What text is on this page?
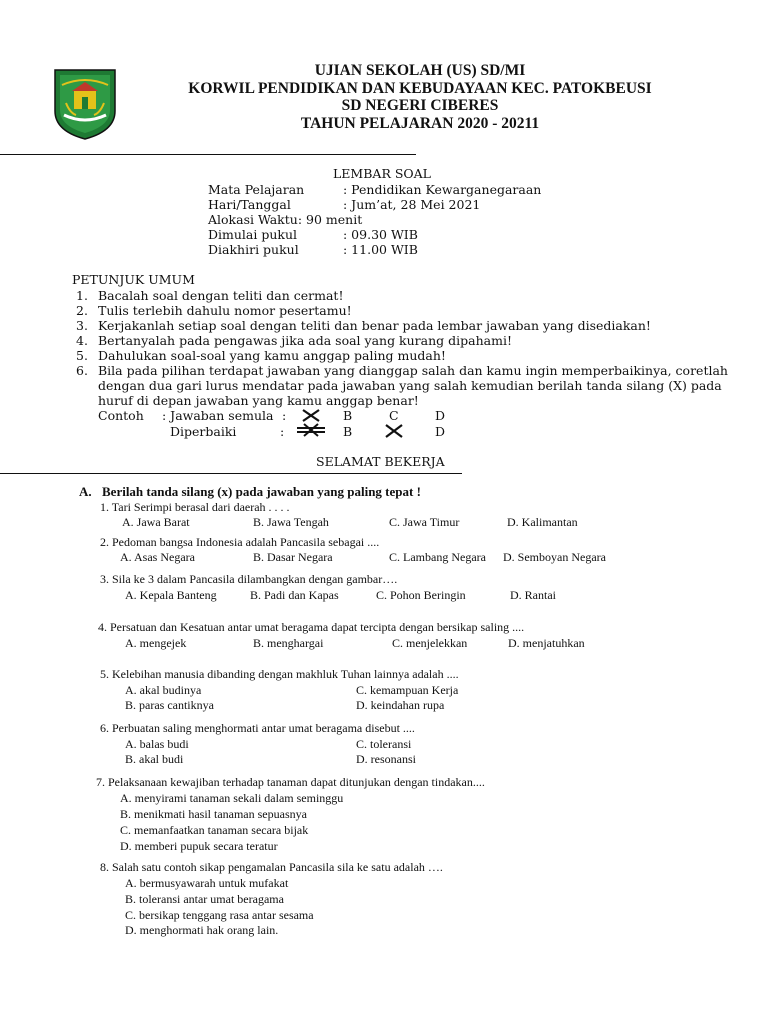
UJIAN SEKOLAH (US) SD/MI
KORWIL PENDIDIKAN DAN KEBUDAYAAN KEC. PATOKBEUSI
SD NEGERI CIBERES
TAHUN PELAJARAN 2020 - 20211
LEMBAR SOAL
Mata Pelajaran	: Pendidikan Kewarganegaraan
Hari/Tanggal	: Jum’at, 28 Mei 2021
Alokasi Waktu: 90 menit
Dimulai pukul	: 09.30 WIB
Diakhiri pukul	: 11.00 WIB
PETUNJUK UMUM
1. Bacalah soal dengan teliti dan cermat!
2. Tulis terlebih dahulu nomor pesertamu!
3. Kerjakanlah setiap soal dengan teliti dan benar pada lembar jawaban yang disediakan!
4. Bertanyalah pada pengawas jika ada soal yang kurang dipahami!
5. Dahulukan soal-soal yang kamu anggap paling mudah!
6. Bila pada pilihan terdapat jawaban yang dianggap salah dan kamu ingin memperbaikinya, coretlah
dengan dua gari lurus mendatar pada jawaban yang salah kemudian berilah tanda silang (X) pada
huruf di depan jawaban yang kamu anggap benar!
Contoh : Jawaban semula :	B	C	D
Diperbaiki	:	B	D
SELAMAT BEKERJA
A. Berilah tanda silang (x) pada jawaban yang paling tepat !
1. Tari Serimpi berasal dari daerah . . . .
A. Jawa Barat	B. Jawa Tengah	C. Jawa Timur	D. Kalimantan
2. Pedoman bangsa Indonesia adalah Pancasila sebagai ....
A. Asas Negara	B. Dasar Negara	C. Lambang Negara D. Semboyan Negara
3. Sila ke 3 dalam Pancasila dilambangkan dengan gambar….
A. Kepala Banteng	B. Padi dan Kapas	C. Pohon Beringin	D. Rantai
4. Persatuan dan Kesatuan antar umat beragama dapat tercipta dengan bersikap saling ....
A. mengejek	B. menghargai	C. menjelekkan	D. menjatuhkan
5. Kelebihan manusia dibanding dengan makhluk Tuhan lainnya adalah ....
A. akal budinya	C. kemampuan Kerja
B. paras cantiknya	D. keindahan rupa
6. Perbuatan saling menghormati antar umat beragama disebut ....
A. balas budi	C. toleransi
B. akal budi	D. resonansi
7. Pelaksanaan kewajiban terhadap tanaman dapat ditunjukan dengan tindakan....
A. menyirami tanaman sekali dalam seminggu
B. menikmati hasil tanaman sepuasnya
C. memanfaatkan tanaman secara bijak
D. memberi pupuk secara teratur
8. Salah satu contoh sikap pengamalan Pancasila sila ke satu adalah ….
A. bermusyawarah untuk mufakat
B. toleransi antar umat beragama
C. bersikap tenggang rasa antar sesama
D. menghormati hak orang lain.
